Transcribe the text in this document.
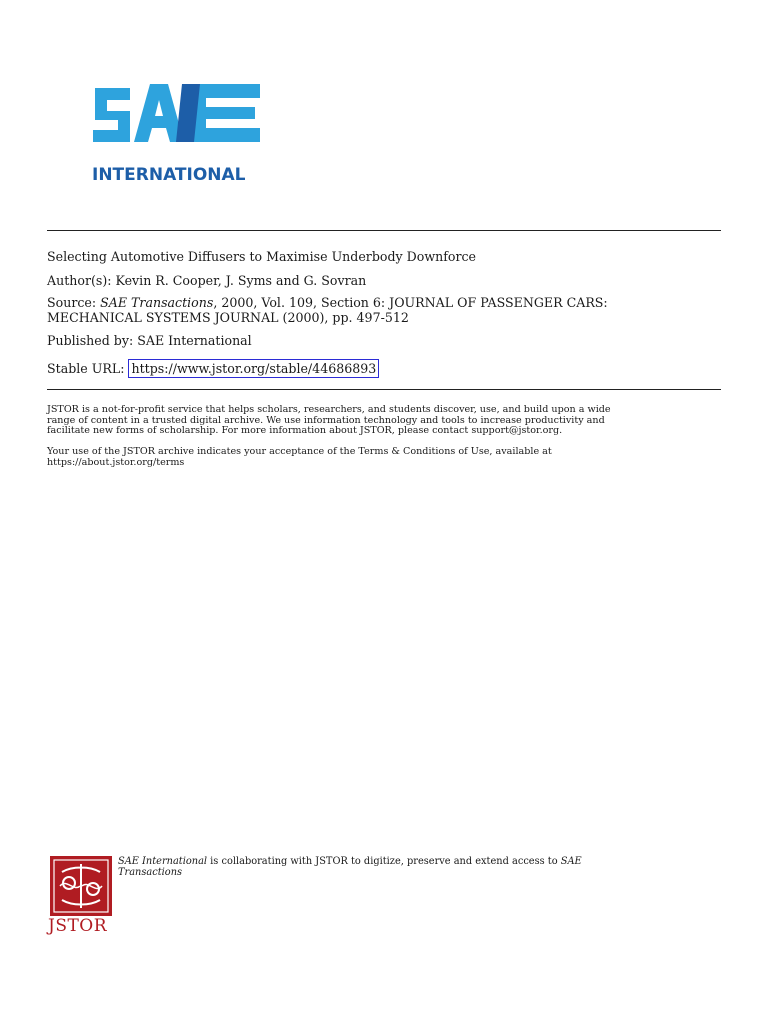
INTERNATIONAL
Selecting Automotive Diffusers to Maximise Underbody Downforce
Author(s): Kevin R. Cooper, J. Syms and G. Sovran
Source: SAE Transactions, 2000, Vol. 109, Section 6: JOURNAL OF PASSENGER CARS:
MECHANICAL SYSTEMS JOURNAL (2000), pp. 497-512
Published by: SAE International
Stable URL: https://www.jstor.org/stable/44686893

JSTOR is a not-for-profit service that helps scholars, researchers, and students discover, use, and build upon a wide

range of content in a trusted digital archive. We use information technology and tools to increase productivity and

facilitate new forms of scholarship. For more information about JSTOR, please contact support@jstor.org.

Your use of the JSTOR archive indicates your acceptance of the Terms & Conditions of Use, available at

https://about.jstor.org/terms

JSTOR
SAE International is collaborating with JSTOR to digitize, preserve and extend access to SAE
Transactions
